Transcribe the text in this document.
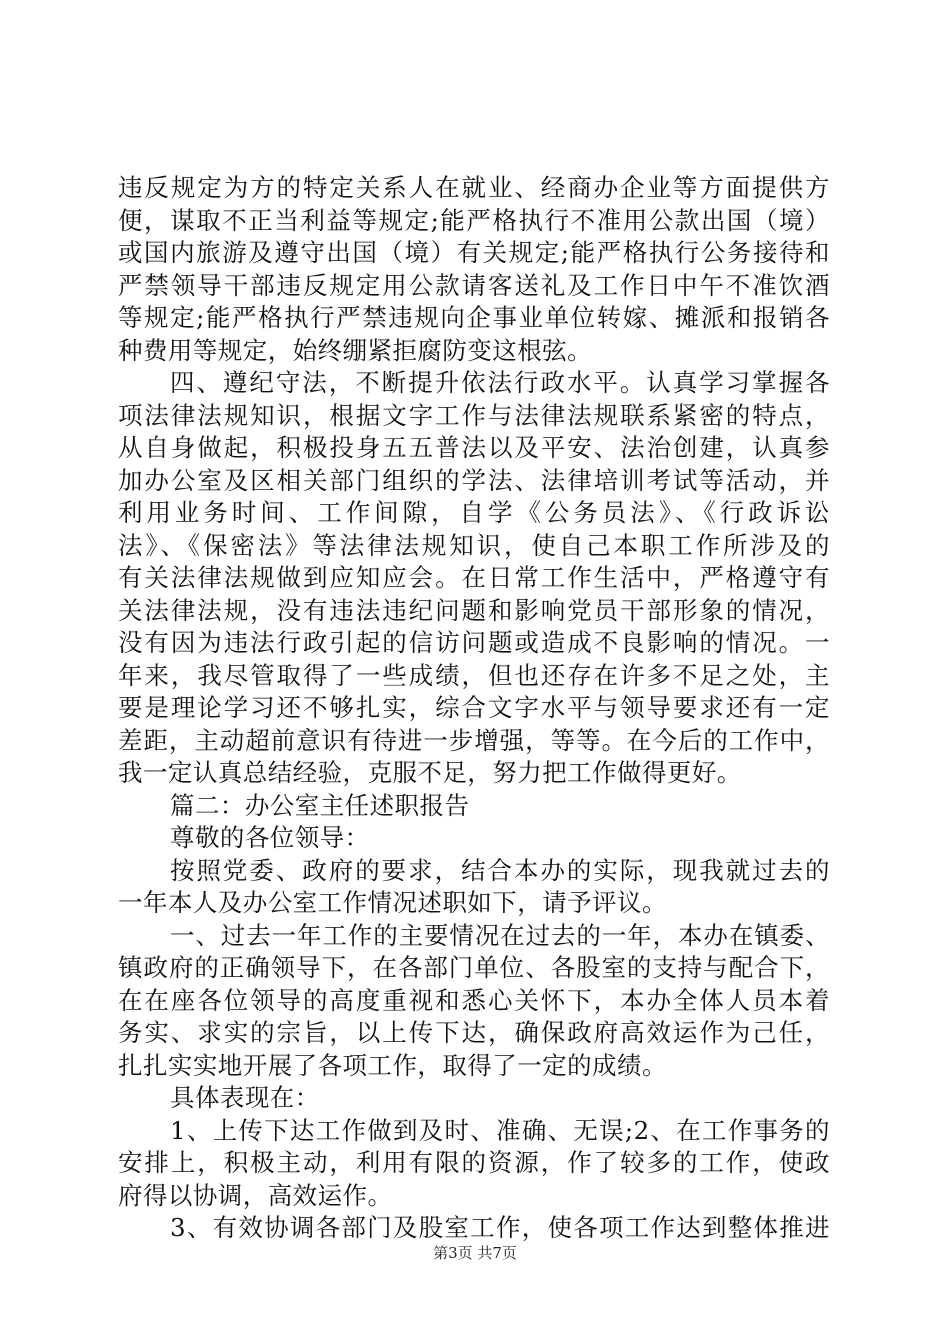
违反规定为方的特定关系人在就业、经商办企业等方面提供方
便，谋取不正当利益等规定;能严格执行不准用公款出国（境）
或国内旅游及遵守出国（境）有关规定;能严格执行公务接待和
严禁领导干部违反规定用公款请客送礼及工作日中午不准饮酒
等规定;能严格执行严禁违规向企事业单位转嫁、摊派和报销各
种费用等规定，始终绷紧拒腐防变这根弦。
四、遵纪守法，不断提升依法行政水平。认真学习掌握各
项法律法规知识，根据文字工作与法律法规联系紧密的特点，
从自身做起，积极投身五五普法以及平安、法治创建，认真参
加办公室及区相关部门组织的学法、法律培训考试等活动，并
利用业务时间、工作间隙，自学《公务员法》、《行政诉讼
法》、《保密法》等法律法规知识，使自己本职工作所涉及的
有关法律法规做到应知应会。在日常工作生活中，严格遵守有
关法律法规，没有违法违纪问题和影响党员干部形象的情况，
没有因为违法行政引起的信访问题或造成不良影响的情况。一
年来，我尽管取得了一些成绩，但也还存在许多不足之处，主
要是理论学习还不够扎实，综合文字水平与领导要求还有一定
差距，主动超前意识有待进一步增强，等等。在今后的工作中，
我一定认真总结经验，克服不足，努力把工作做得更好。
篇二：办公室主任述职报告
尊敬的各位领导：
按照党委、政府的要求，结合本办的实际，现我就过去的
一年本人及办公室工作情况述职如下，请予评议。
一、过去一年工作的主要情况在过去的一年，本办在镇委、
镇政府的正确领导下，在各部门单位、各股室的支持与配合下，
在在座各位领导的高度重视和悉心关怀下，本办全体人员本着
务实、求实的宗旨，以上传下达，确保政府高效运作为己任，
扎扎实实地开展了各项工作，取得了一定的成绩。
具体表现在：
1、上传下达工作做到及时、准确、无误;2、在工作事务的
安排上，积极主动，利用有限的资源，作了较多的工作，使政
府得以协调，高效运作。
3、有效协调各部门及股室工作，使各项工作达到整体推进
第3页 共7页
